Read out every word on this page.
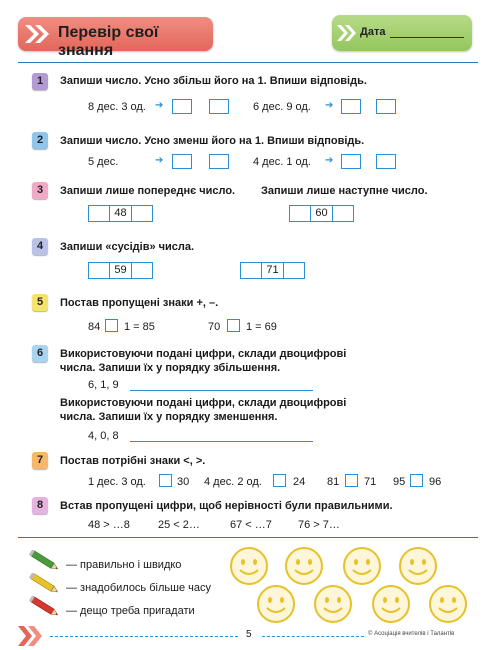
Перевір свої знання
Дата
1	Запиши число. Усно збільш його на 1. Впиши відповідь.
8 дес. 3 од. ➔	6 дес. 9 од. ➔
2	Запиши число. Усно зменш його на 1. Впиши відповідь.
5 дес.	➔	4 дес. 1 од. ➔
3	Запиши лише попереднє число. Запиши лише наступне число.
48	60
4	Запиши «сусідів» числа.
59	71
5	Постав пропущені знаки +, –.
84 1 = 85	70 1 = 69
6	Використовуючи подані цифри, склади двоцифрові
числа. Запиши їх у порядку збільшення.
6, 1, 9
Використовуючи подані цифри, склади двоцифрові
числа. Запиши їх у порядку зменшення.
4, 0, 8
7	Постав потрібні знаки <, >.
1 дес. 3 од.	30 4 дес. 2 од.	24 81 71 95 96
8	Встав пропущені цифри, щоб нерівності були правильними.
48 > …8	25 < 2…	67 < …7 76 > 7…
— правильно і швидко
— знадобилось більше часу
— дещо треба пригадати
5	© Асоціація вчителів і Талантів
